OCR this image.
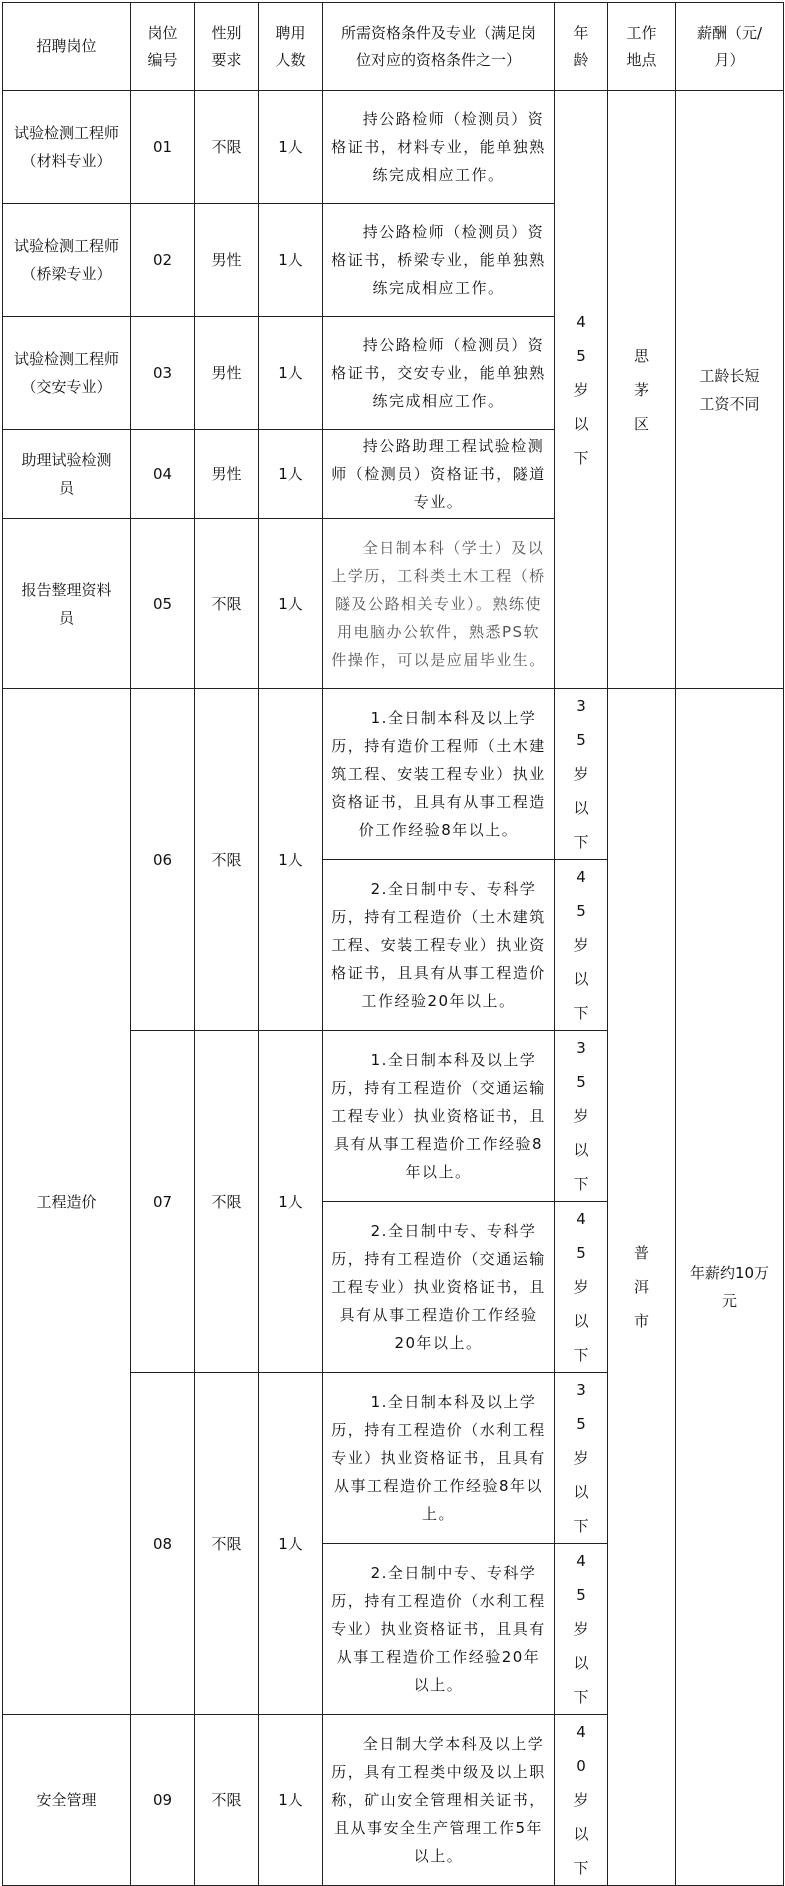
招聘岗位	岗位编号	性别要求	聘用人数	所需资格条件及专业（满足岗位对应的资格条件之一）	年龄	工作地点	薪酬（元/月）

试验检测工程师（材料专业）	01	不限	1人	持公路检师（检测员）资格证书，材料专业，能单独熟练完成相应工作。	45岁以下	思茅区	工龄长短工资不同

试验检测工程师（桥梁专业）	02	男性	1人	持公路检师（检测员）资格证书，桥梁专业，能单独熟练完成相应工作。			

试验检测工程师（交安专业）	03	男性	1人	持公路检师（检测员）资格证书，交安专业，能单独熟练完成相应工作。			

助理试验检测员	04	男性	1人	持公路助理工程试验检测师（检测员）资格证书，隧道专业。			

报告整理资料员	05	不限	1人	全日制本科（学士）及以上学历，工科类土木工程（桥隧及公路相关专业）。熟练使用电脑办公软件，熟悉PS软件操作，可以是应届毕业生。			

工程造价	06	不限	1人	1.全日制本科及以上学历，持有造价工程师（土木建筑工程、安装工程专业）执业资格证书，且具有从事工程造价工作经验8年以上。	35岁以下	普洱市	年薪约10万元

				2.全日制中专、专科学历，持有工程造价（土木建筑工程、安装工程专业）执业资格证书，且具有从事工程造价工作经验20年以上。	45岁以下		

	07	不限	1人	1.全日制本科及以上学历，持有工程造价（交通运输工程专业）执业资格证书，且具有从事工程造价工作经验8年以上。	35岁以下		

				2.全日制中专、专科学历，持有工程造价（交通运输工程专业）执业资格证书，且具有从事工程造价工作经验20年以上。	45岁以下		

	08	不限	1人	1.全日制本科及以上学历，持有工程造价（水利工程专业）执业资格证书，且具有从事工程造价工作经验8年以上。	35岁以下		

				2.全日制中专、专科学历，持有工程造价（水利工程专业）执业资格证书，且具有从事工程造价工作经验20年以上。	45岁以下		

安全管理	09	不限	1人	全日制大学本科及以上学历，具有工程类中级及以上职称，矿山安全管理相关证书，且从事安全生产管理工作5年以上。	40岁以下		
